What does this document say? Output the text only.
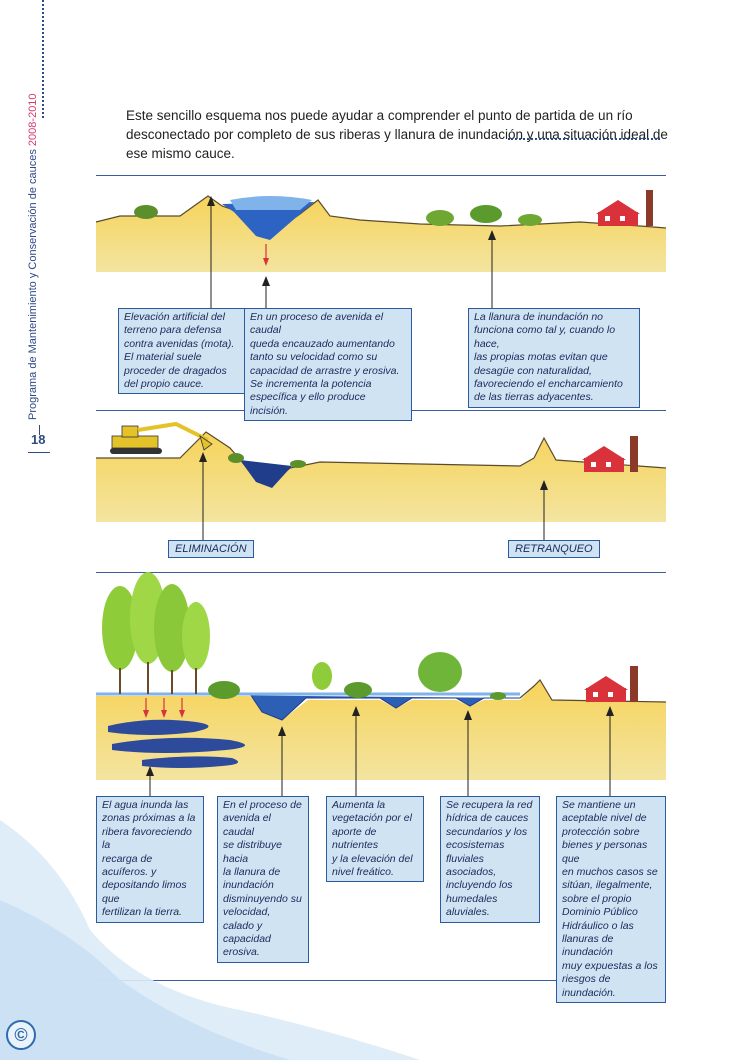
Programa de Mantenimiento y Conservación de cauces 2008-2010
18
Este sencillo esquema nos puede ayudar a comprender el punto de partida de un río desconectado por completo de sus riberas y llanura de inundación y una situación ideal de ese mismo cauce.
Elevación artificial del
terreno para defensa
contra avenidas (mota).
El material suele
proceder de dragados
del propio cauce.
En un proceso de avenida el caudal
queda encauzado aumentando
tanto su velocidad como su
capacidad de arrastre y erosiva.
Se incrementa la potencia
específica y ello produce incisión.
La llanura de inundación no
funciona como tal y, cuando lo hace,
las propias motas evitan que
desagüe con naturalidad,
favoreciendo el encharcamiento
de las tierras adyacentes.
ELIMINACIÓN	RETRANQUEO
El agua inunda las
zonas próximas a la
ribera favoreciendo la
recarga de acuíferos. y
depositando limos que
fertilizan la tierra.
En el proceso de
avenida el caudal
se distribuye hacia
la llanura de
inundación
disminuyendo su
velocidad, calado y
capacidad erosiva.
Aumenta la
vegetación por el
aporte de nutrientes
y la elevación del
nivel freático.
Se recupera la red
hídrica de cauces
secundarios y los
ecosistemas
fluviales asociados,
incluyendo los
humedales aluviales.
Se mantiene un
aceptable nivel de
protección sobre
bienes y personas que
en muchos casos se
sitúan, ilegalmente,
sobre el propio
Dominio Público
Hidráulico o las
llanuras de inundación
muy expuestas a los
riesgos de inundación.
©
